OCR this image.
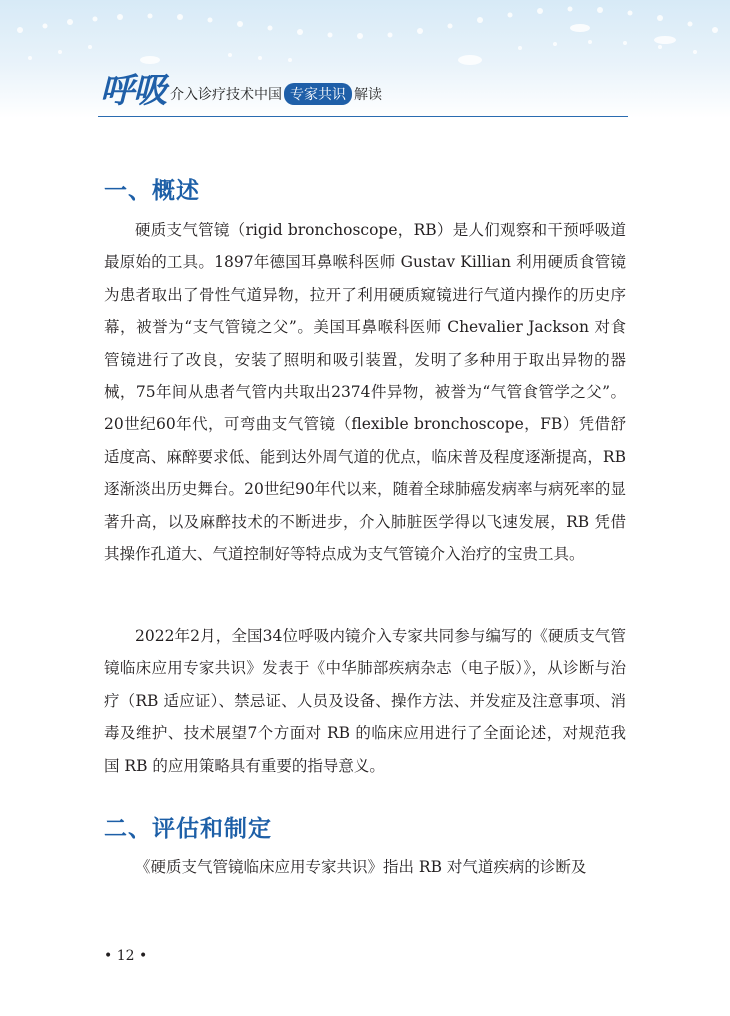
呼吸 介入诊疗技术中国 专家共识 解读
一、概述

硬质支气管镜（rigid bronchoscope，RB）是人们观察和干预呼吸道最原始的工具。1897年德国耳鼻喉科医师 Gustav Killian 利用硬质食管镜为患者取出了骨性气道异物，拉开了利用硬质窥镜进行气道内操作的历史序幕，被誉为“支气管镜之父”。美国耳鼻喉科医师 Chevalier Jackson 对食管镜进行了改良，安装了照明和吸引装置，发明了多种用于取出异物的器械，75年间从患者气管内共取出2374件异物，被誉为“气管食管学之父”。20世纪60年代，可弯曲支气管镜（flexible bronchoscope，FB）凭借舒适度高、麻醉要求低、能到达外周气道的优点，临床普及程度逐渐提高，RB 逐渐淡出历史舞台。20世纪90年代以来，随着全球肺癌发病率与病死率的显著升高，以及麻醉技术的不断进步，介入肺脏医学得以飞速发展，RB 凭借其操作孔道大、气道控制好等特点成为支气管镜介入治疗的宝贵工具。

2022年2月，全国34位呼吸内镜介入专家共同参与编写的《硬质支气管镜临床应用专家共识》发表于《中华肺部疾病杂志（电子版）》，从诊断与治疗（RB 适应证）、禁忌证、人员及设备、操作方法、并发症及注意事项、消毒及维护、技术展望7个方面对 RB 的临床应用进行了全面论述，对规范我国 RB 的应用策略具有重要的指导意义。

二、评估和制定

《硬质支气管镜临床应用专家共识》指出 RB 对气道疾病的诊断及

• 12 •
